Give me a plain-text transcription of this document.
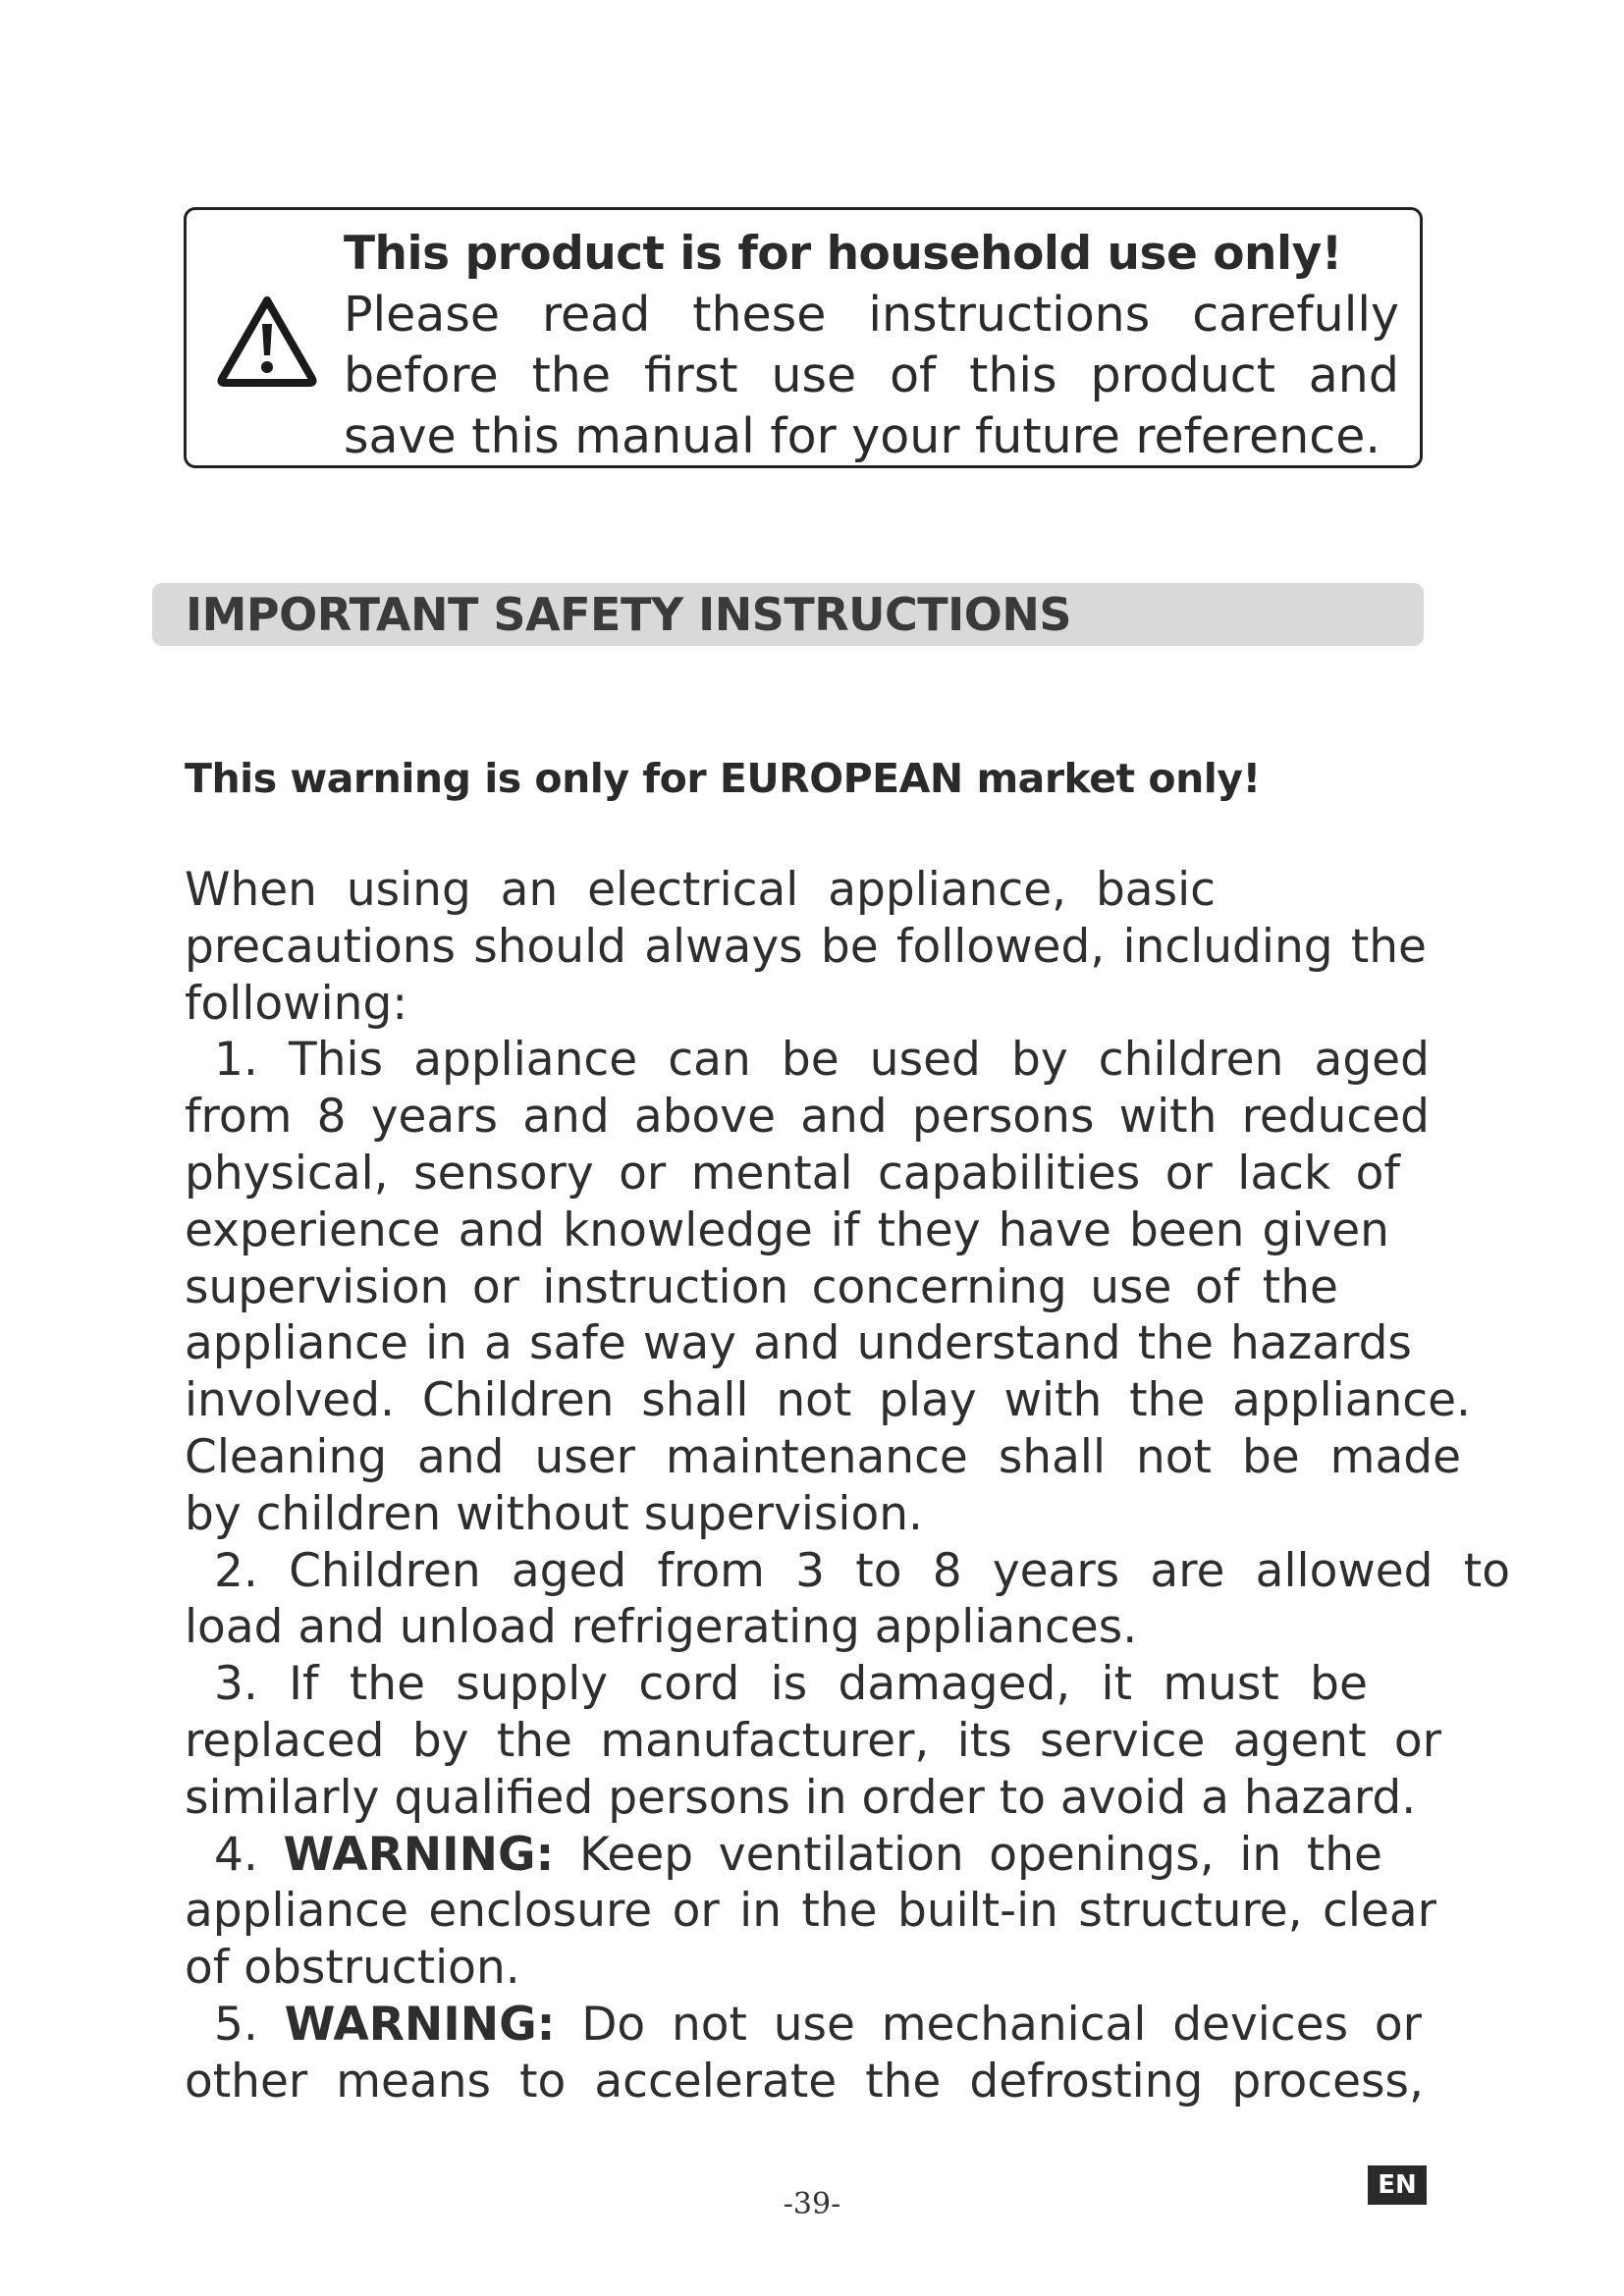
This product is for household use only!
Please read these instructions carefully
before the first use of this product and
save this manual for your future reference.
IMPORTANT SAFETY INSTRUCTIONS
This warning is only for EUROPEAN market only!
When using an electrical appliance, basic
precautions should always be followed, including the
following:
1. This appliance can be used by children aged
from 8 years and above and persons with reduced
physical, sensory or mental capabilities or lack of
experience and knowledge if they have been given
supervision or instruction concerning use of the
appliance in a safe way and understand the hazards
involved. Children shall not play with the appliance.
Cleaning and user maintenance shall not be made
by children without supervision.
2. Children aged from 3 to 8 years are allowed to
load and unload refrigerating appliances.
3. If the supply cord is damaged, it must be
replaced by the manufacturer, its service agent or
similarly qualified persons in order to avoid a hazard.
4. WARNING: Keep ventilation openings, in the
appliance enclosure or in the built-in structure, clear
of obstruction.
5. WARNING: Do not use mechanical devices or
other means to accelerate the defrosting process,
-39-
EN
